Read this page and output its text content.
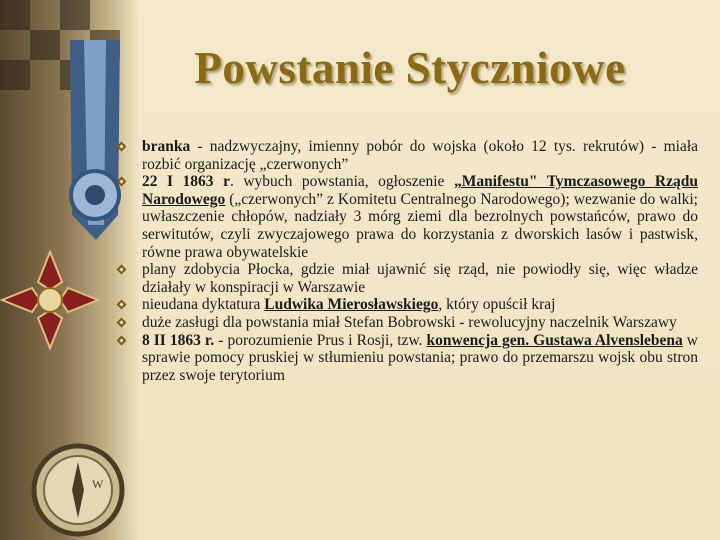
W
Powstanie Styczniowe
branka - nadzwyczajny, imienny pobór do wojska (około 12 tys. rekrutów) - miała rozbić organizację „czerwonych”
22 I 1863 r. wybuch powstania, ogłoszenie „Manifestu" Tymczasowego Rządu Narodowego („czerwonych” z Komitetu Centralnego Narodowego); wezwanie do walki; uwłaszczenie chłopów, nadziały 3 mórg ziemi dla bezrolnych powstańców, prawo do serwitutów, czyli zwyczajowego prawa do korzystania z dworskich lasów i pastwisk, równe prawa obywatelskie
plany zdobycia Płocka, gdzie miał ujawnić się rząd, nie powiodły się, więc władze działały w konspiracji w Warszawie
nieudana dyktatura Ludwika Mierosławskiego, który opuścił kraj
duże zasługi dla powstania miał Stefan Bobrowski - rewolucyjny naczelnik Warszawy
8 II 1863 r. - porozumienie Prus i Rosji, tzw. konwencja gen. Gustawa Alvenslebena w sprawie pomocy pruskiej w stłumieniu powstania; prawo do przemarszu wojsk obu stron przez swoje terytorium
